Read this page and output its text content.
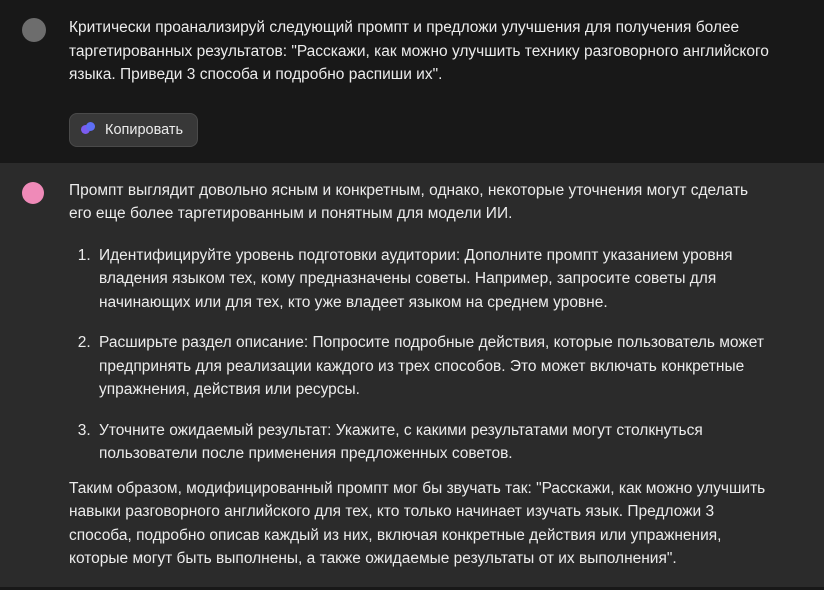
Критически проанализируй следующий промпт и предложи улучшения для получения более таргетированных результатов: "Расскажи, как можно улучшить технику разговорного английского языка. Приведи 3 способа и подробно распиши их".

Копировать

Промпт выглядит довольно ясным и конкретным, однако, некоторые уточнения могут сделать его еще более таргетированным и понятным для модели ИИ.

1. Идентифицируйте уровень подготовки аудитории: Дополните промпт указанием уровня владения языком тех, кому предназначены советы. Например, запросите советы для начинающих или для тех, кто уже владеет языком на среднем уровне.
2. Расширьте раздел описание: Попросите подробные действия, которые пользователь может предпринять для реализации каждого из трех способов. Это может включать конкретные упражнения, действия или ресурсы.
3. Уточните ожидаемый результат: Укажите, с какими результатами могут столкнуться пользователи после применения предложенных советов.

Таким образом, модифицированный промпт мог бы звучать так: "Расскажи, как можно улучшить навыки разговорного английского для тех, кто только начинает изучать язык. Предложи 3 способа, подробно описав каждый из них, включая конкретные действия или упражнения, которые могут быть выполнены, а также ожидаемые результаты от их выполнения".
